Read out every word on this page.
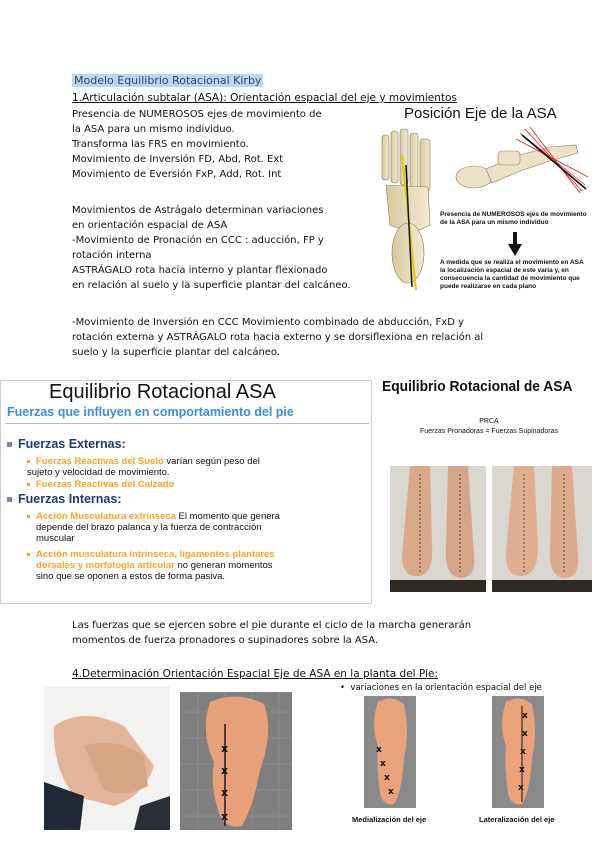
Modelo Equilibrio Rotacional Kirby
1.Articulación subtalar (ASA): Orientación espacial del eje y movimientos
Presencia de NUMEROSOS ejes de movimiento de
la ASA para un mismo individuo.
Transforma las FRS en movimiento.
Movimiento de Inversión FD, Abd, Rot. Ext
Movimiento de Eversión FxP, Add, Rot. Int
Movimientos de Astrágalo determinan variaciones
en orientación espacial de ASA
-Movimiento de Pronación en CCC : aducción, FP y
rotación interna
ASTRÁGALO rota hacia interno y plantar flexionado
en relación al suelo y la superficie plantar del calcáneo.
-Movimiento de Inversión en CCC Movimiento combinado de abducción, FxD y
rotación externa y ASTRÁGALO rota hacia externo y se dorsiflexiona en relación al
suelo y la superficie plantar del calcáneo.
Posición Eje de la ASA
Presencia de NUMEROSOS ejes de movimiento
de la ASA para un mismo individuo
A medida que se realiza el movimiento en ASA
la localización espacial de este varia y, en
consecuencia la cantidad de movimiento que
puede realizarse en cada plano
Equilibrio Rotacional ASA
Fuerzas que influyen en comportamiento del pie
Fuerzas Externas:
Fuerzas Reactivas del Suelo varían según peso del
sujeto y velocidad de movimiento.
Fuerzas Reactivas del Calzado
Fuerzas Internas:
Acción Musculatura extrínseca El momento que genera
depende del brazo palanca y la fuerza de contracción
muscular
Acción musculatura intrínseca, ligamentos plantares
dorsales y morfología articular no generan momentos
sino que se oponen a estos de forma pasiva.
Equilibrio Rotacional de ASA
PRCA
Fuerzas Pronadoras = Fuerzas Supinadoras
Las fuerzas que se ejercen sobre el pie durante el ciclo de la marcha generarán
momentos de fuerza pronadores o supinadores sobre la ASA.
4.Determinación Orientación Espacial Eje de ASA en la planta del Pie:
x
x
x
x
•  variaciones en la orientación espacial del eje
x
x
x
x
x
x
x
x
x
Medialización del eje	Lateralización del eje
